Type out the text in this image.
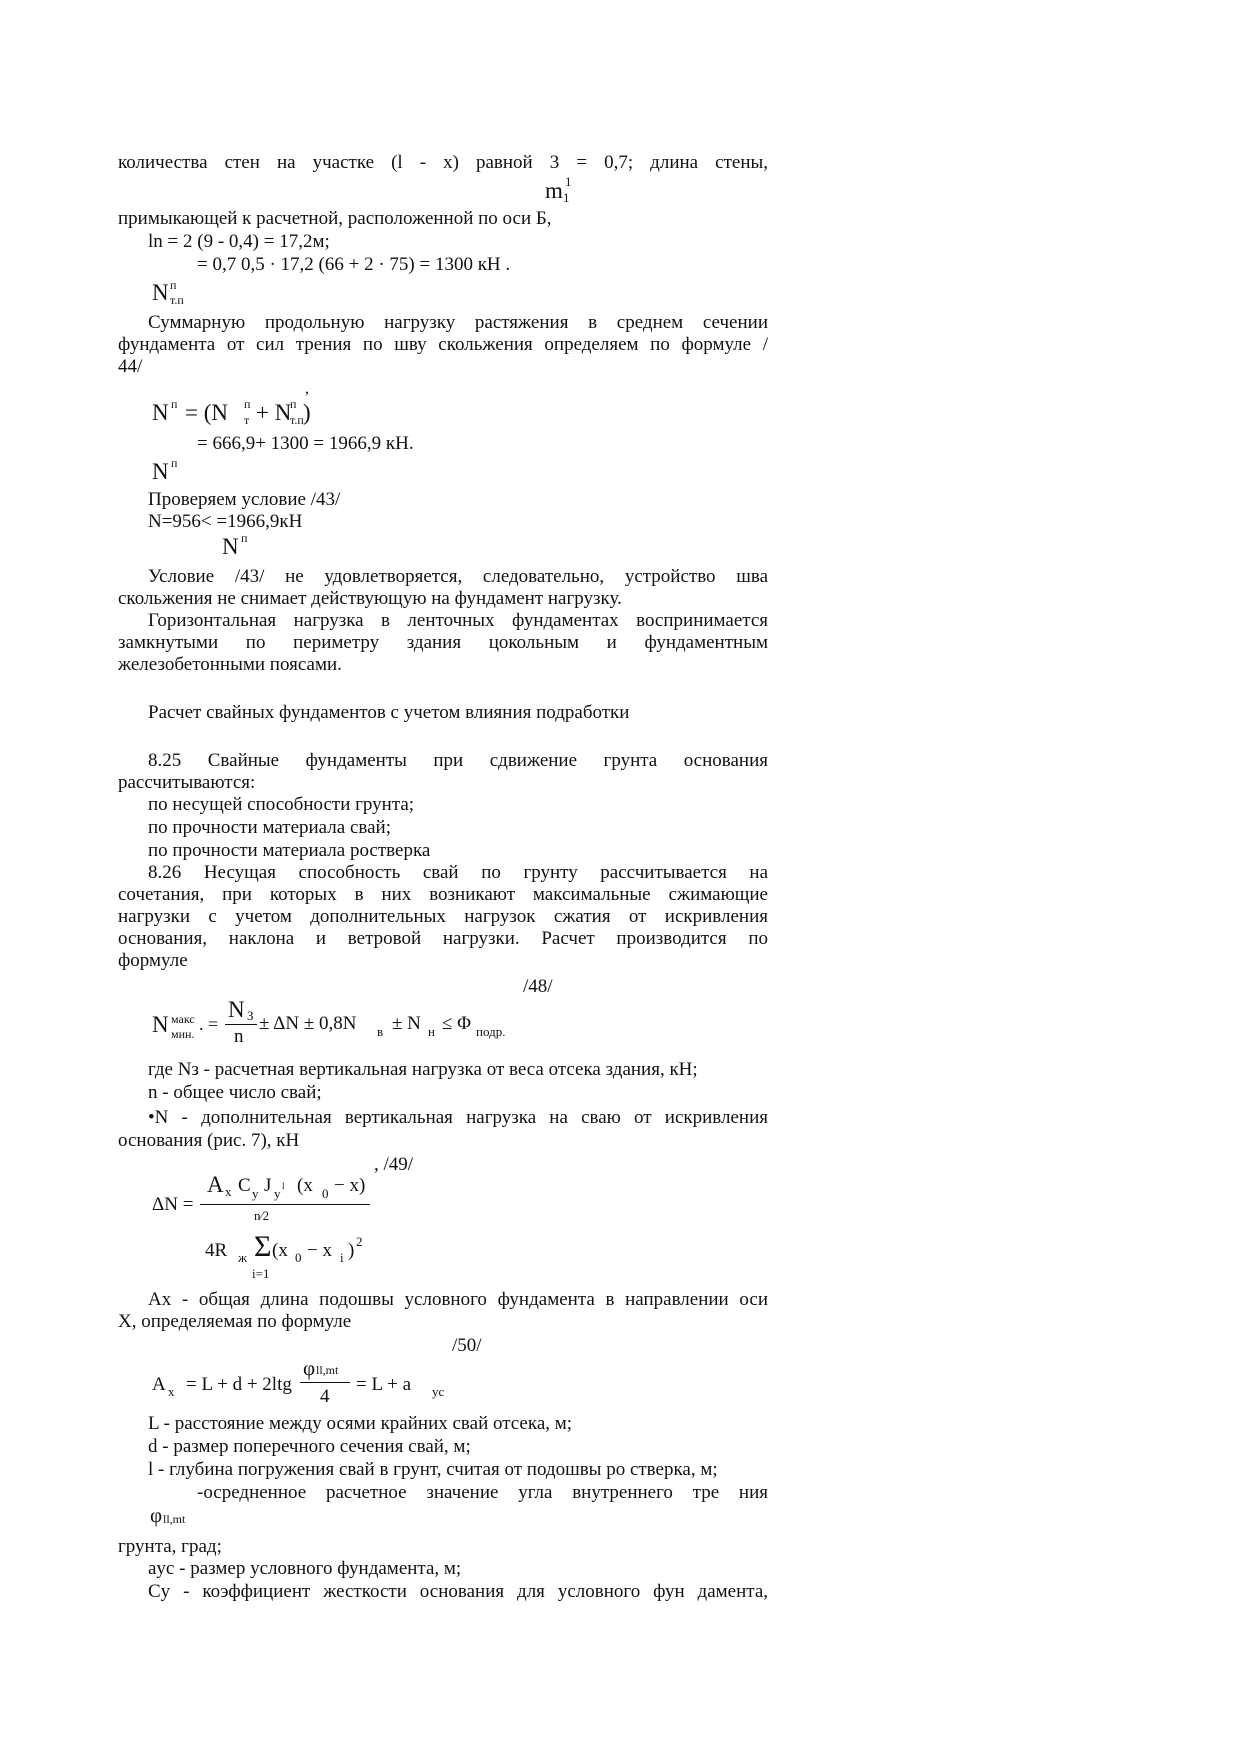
количества стен на участке (l - x) равной 3 = 0,7; длина стены,
m 1
1
примыкающей к расчетной, расположенной по оси Б,
ln = 2 (9 - 0,4) = 17,2м;
= 0,7 0,5 · 17,2 (66 + 2 · 75) = 1300 кН .
N п
т.п
Суммарную продольную нагрузку растяжения в среднем сечении
фундамента от сил трения по шву скольжения определяем по формуле /
44/
,
N п = (N п
т + N
п
т.п )
= 666,9+ 1300 = 1966,9 кН.
N п
Проверяем условие /43/
N=956< =1966,9кН
N п
Условие /43/ не удовлетворяется, следовательно, устройство шва
скольжения не снимает действующую на фундамент нагрузку.
Горизонтальная нагрузка в ленточных фундаментах воспринимается
замкнутыми по периметру здания цокольным и фундаментным
железобетонными поясами.
Расчет свайных фундаментов с учетом влияния подработки
8.25 Свайные фундаменты при сдвижение грунта основания
рассчитываются:
по несущей способности грунта;
по прочности материала свай;
по прочности материала ростверка
8.26 Несущая способность свай по грунту рассчитывается на
сочетания, при которых в них возникают максимальные сжимающие
нагрузки с учетом дополнительных нагрузок сжатия от искривления
основания, наклона и ветровой нагрузки. Расчет производится по
формуле
/48/
N макс
мин. . =
N З
n
± ΔN ± 0,8N в ± N н ≤ Φ подр.
где Nз - расчетная вертикальная нагрузка от веса отсека здания, кН;
n - общее число свай;
•N - дополнительная вертикальная нагрузка на сваю от искривления
основания (рис. 7), кН
, /49/
ΔN =
A x C y J y l (x 0 − x)
n⁄2
4R ж Σ (x 0 − x i ) 2
i=1
Ax - общая длина подошвы условного фундамента в направлении оси
X, определяемая по формуле
/50/
A x = L + d + 2ltg
φ ll,mt
4
= L + a ус
L - расстояние между осями крайних свай отсека, м;
d - размер поперечного сечения свай, м;
l - глубина погружения свай в грунт, считая от подошвы ро стверка, м;
-осредненное расчетное значение угла внутреннего тре ния
φ ll,mt
грунта, град;
aус - размер условного фундамента, м;
Сy - коэффициент жесткости основания для условного фун дамента,
